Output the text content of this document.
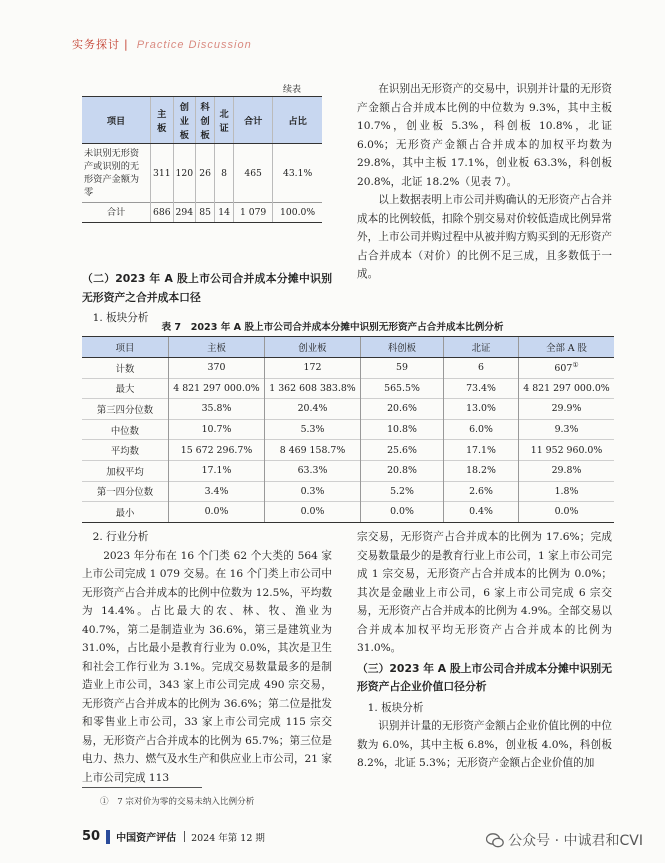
实务探讨 | Practice Discussion
续表
项目	主板	创业板	科创板	北证	合计	占比
未识别无形资产或识别的无形资产金额为零	311	120	26	8	465	43.1%
合计	686	294	85	14	1 079	100.0%
（二）2023 年 A 股上市公司合并成本分摊中识别无形资产之合并成本口径
1. 板块分析

在识别出无形资产的交易中，识别并计量的无形资产金额占合并成本比例的中位数为 9.3%，其中主板 10.7%，创业板 5.3%，科创板 10.8%，北证 6.0%；无形资产金额占合并成本的加权平均数为 29.8%，其中主板 17.1%，创业板 63.3%，科创板 20.8%，北证 18.2%（见表 7）。

以上数据表明上市公司并购确认的无形资产占合并成本的比例较低，扣除个别交易对价较低造成比例异常外，上市公司并购过程中从被并购方购买到的无形资产占合并成本（对价）的比例不足三成，且多数低于一成。

表 7　2023 年 A 股上市公司合并成本分摊中识别无形资产占合并成本比例分析
项目	主板	创业板	科创板	北证	全部 A 股
计数	370	172	59	6	607①
最大	4 821 297 000.0%	1 362 608 383.8%	565.5%	73.4%	4 821 297 000.0%
第三四分位数	35.8%	20.4%	20.6%	13.0%	29.9%
中位数	10.7%	5.3%	10.8%	6.0%	9.3%
平均数	15 672 296.7%	8 469 158.7%	25.6%	17.1%	11 952 960.0%
加权平均	17.1%	63.3%	20.8%	18.2%	29.8%
第一四分位数	3.4%	0.3%	5.2%	2.6%	1.8%
最小	0.0%	0.0%	0.0%	0.4%	0.0%
2. 行业分析

2023 年分布在 16 个门类 62 个大类的 564 家上市公司完成 1 079 交易。在 16 个门类上市公司中无形资产占合并成本的比例中位数为 12.5%，平均数为 14.4%。占比最大的农、林、牧、渔业为 40.7%，第二是制造业为 36.6%，第三是建筑业为 31.0%，占比最小是教育行业为 0.0%，其次是卫生和社会工作行业为 3.1%。完成交易数量最多的是制造业上市公司，343 家上市公司完成 490 宗交易，无形资产占合并成本的比例为 36.6%；第二位是批发和零售业上市公司，33 家上市公司完成 115 宗交易，无形资产占合并成本的比例为 65.7%；第三位是电力、热力、燃气及水生产和供应业上市公司，21 家上市公司完成 113

宗交易，无形资产占合并成本的比例为 17.6%；完成交易数量最少的是教育行业上市公司，1 家上市公司完成 1 宗交易，无形资产占合并成本的比例为 0.0%；其次是金融业上市公司，6 家上市公司完成 6 宗交易，无形资产占合并成本的比例为 4.9%。全部交易以合并成本加权平均无形资产占合并成本的比例为 31.0%。

（三）2023 年 A 股上市公司合并成本分摊中识别无形资产占企业价值口径分析
1. 板块分析

识别并计量的无形资产金额占企业价值比例的中位数为 6.0%，其中主板 6.8%，创业板 4.0%，科创板 8.2%，北证 5.3%；无形资产金额占企业价值的加

①　7 宗对价为零的交易未纳入比例分析
50 中国资产评估 2024 年第 12 期	公众号 · 中诚君和CVI
